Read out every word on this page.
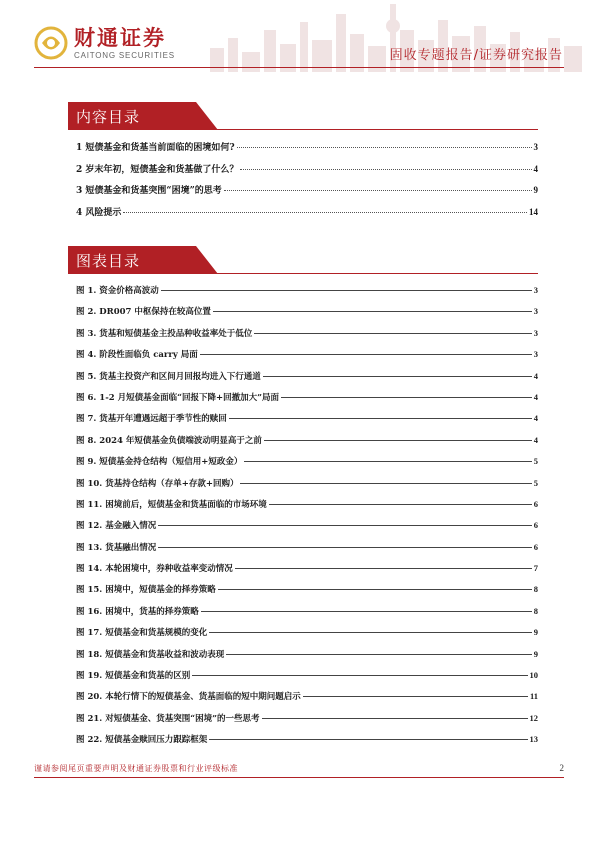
财通证券
CAITONG SECURITIES	固收专题报告/证券研究报告
内容目录
1 短债基金和货基当前面临的困境如何?	3
2 岁末年初，短债基金和货基做了什么？	4
3 短债基金和货基突围“困境”的思考	9
4 风险提示	14
图表目录
图 1. 资金价格高波动	3
图 2. DR007 中枢保持在较高位置	3
图 3. 货基和短债基金主投品种收益率处于低位	3
图 4. 阶段性面临负 carry 局面	3
图 5. 货基主投资产和区间月回报均进入下行通道	4
图 6. 1-2 月短债基金面临“回报下降+回撤加大”局面	4
图 7. 货基开年遭遇远超于季节性的赎回	4
图 8. 2024 年短债基金负债端波动明显高于之前	4
图 9. 短债基金持仓结构（短信用+短政金）	5
图 10. 货基持仓结构（存单+存款+回购）	5
图 11. 困境前后，短债基金和货基面临的市场环境	6
图 12. 基金融入情况	6
图 13. 货基融出情况	6
图 14. 本轮困境中，券种收益率变动情况	7
图 15. 困境中，短债基金的择券策略	8
图 16. 困境中，货基的择券策略	8
图 17. 短债基金和货基规模的变化	9
图 18. 短债基金和货基收益和波动表现	9
图 19. 短债基金和货基的区别	10
图 20. 本轮行情下的短债基金、货基面临的短中期问题启示	11
图 21. 对短债基金、货基突围“困境”的一些思考	12
图 22. 短债基金赎回压力跟踪框架	13
谨请参阅尾页重要声明及财通证券股票和行业评级标准	2
